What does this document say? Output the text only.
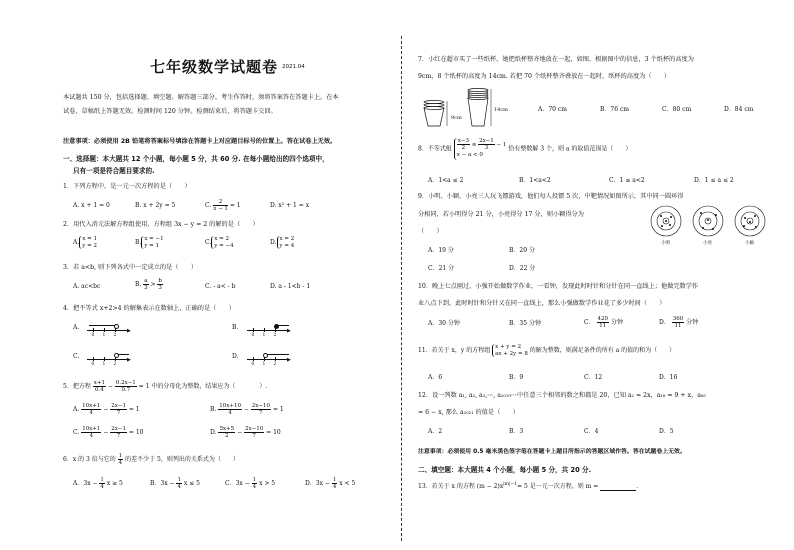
七年级数学试题卷 2021.04
本试题共 150 分，包括选择题、填空题、解答题三部分。考生作答时，须将答案答在答题卡上，在本
试卷、草稿纸上答题无效。检测时间 120 分钟。检测结束后，将答题卡交回。
注意事项：必须使用 2B 铅笔将答案标号填涂在答题卡上对应题目标号的位置上。答在试卷上无效。
一、选择题：本大题共 12 个小题，每小题 5 分，共 60 分. 在每小题给出的四个选项中，
只有一项是符合题目要求的.
1．下列方程中，是一元一次方程的是（　　）
A. x + 1 = 0	B. x + 2y = 5	C. $\frac{2}{x - 1} = 1$	D. x² + 1 = x
2．用代入消元法解方程组使用，方程组 3x − y = 2 的解的是（　　）
A. x = 1
y = 2	B. x = −1
y = 1	C. x = 2
y = −4	D. x = 2
y = 4
3．若 a<b, 则下列各式中一定成立的是（　　）
A. ac<bc	B. $\frac{a}{3} > \frac{b}{3}$	C. - a< - b	D. a - 1<b - 1
4．把不等式 x+2>4 的解集表示在数轴上，正确的是（　　）
A.	▶
0 1 2
B.	▶
0 1 2
C.	▶
0 1 2
D.	▶
0 1 2
5．把方程 $\frac{x+1}{0.4} - \frac{0.2x-1}{0.7} = 1$ 中的分母化为整数，结果应为（　　　　）.
A. $\frac{10x+1}{4} - \frac{2x-1}{7} = 1$	B. $\frac{10x+10}{4} - \frac{2x-10}{7} = 1$
C. $\frac{10x+1}{4} - \frac{2x-1}{7} = 10$	D. $\frac{5x+5}{2} - \frac{2x-10}{7} = 10$
6．x 的 3 倍与它的 $\frac{1}{4}$ 的差不少于 5，则列出的关系式为（　　）
A．$3x - \frac{1}{4}$ x ≥ 5	B．$3x - \frac{1}{4}$ x ≤ 5	C．$3x - \frac{1}{4}$ x > 5	D．$3x - \frac{1}{4}$ x < 5
7．小红在超市买了一些纸杯，她把纸杯整齐地放在一起，如图，根据图中的信息，3 个纸杯的高度为
9cm，8 个纸杯的高度为 14cm. 若把 70 个纸杯整齐叠放在一起时，纸杯的高度为（　　）
9cm
14cm	A．70 cm	B．76 cm	C．80 cm	D．84 cm
8．不等式组 $\frac{x-3}{2} \le \frac{2x-1}{3} - 1$
x − a < 0 恰有整数解 3 个，则 a 的取值范围是（　　）
A．1<a ≤ 2	B．1<a<2	C．1 ≤ a<2	D．1 ≤ a ≤ 2
9．小明、小颖、小亮三人玩飞镖游戏，他们每人投镖 5 次，中靶情况如图所示，其中同一圆环得
分相同，若小明得分 21 分，小亮得分 17 分，则小颖得分为
（　　）
小明	小亮	小颖
A．19 分	B．20 分
C．21 分	D．22 分
10．晚上七点刚过，小强开始做数学作业，一看钟，发现此时时针和分针在同一直线上；他做完数学作
业八点下到，此时时针和分针又在同一直线上，那么小强做数学作业花了多少时间（　　）
A．30 分钟	B．35 分钟	C． $\frac{420}{11}$ 分钟	D． $\frac{360}{11}$ 分钟
11．若关于 x，y 的方程组 x + y = 2
ax + 2y = 8 的解为整数，则满足条件的所有 a 的值的和为（　　）
A．6	B．9	C．12	D．16
12．设一列数 a₁, a₂, a₃,⋯, a₂₀₁₉⋯中任意三个相邻的数之和都是 20，已知 a₂ = 2x，a₁₈ = 9 + x，a₆₅
= 6 − x, 那么 a₂₀₂₁ 的值是（　　）
A．2	B．3	C．4	D．5
注意事项：必须使用 0.5 毫米黑色签字笔在答题卡上题目所指示的答题区域作答。答在试题卷上无效。
二、填空题：本大题共 4 个小题，每小题 5 分，共 20 分.
13．若关于 x 的方程 $(m - 2)x^{|m|-1}= 5$ 是一元一次方程，则 m =	.
